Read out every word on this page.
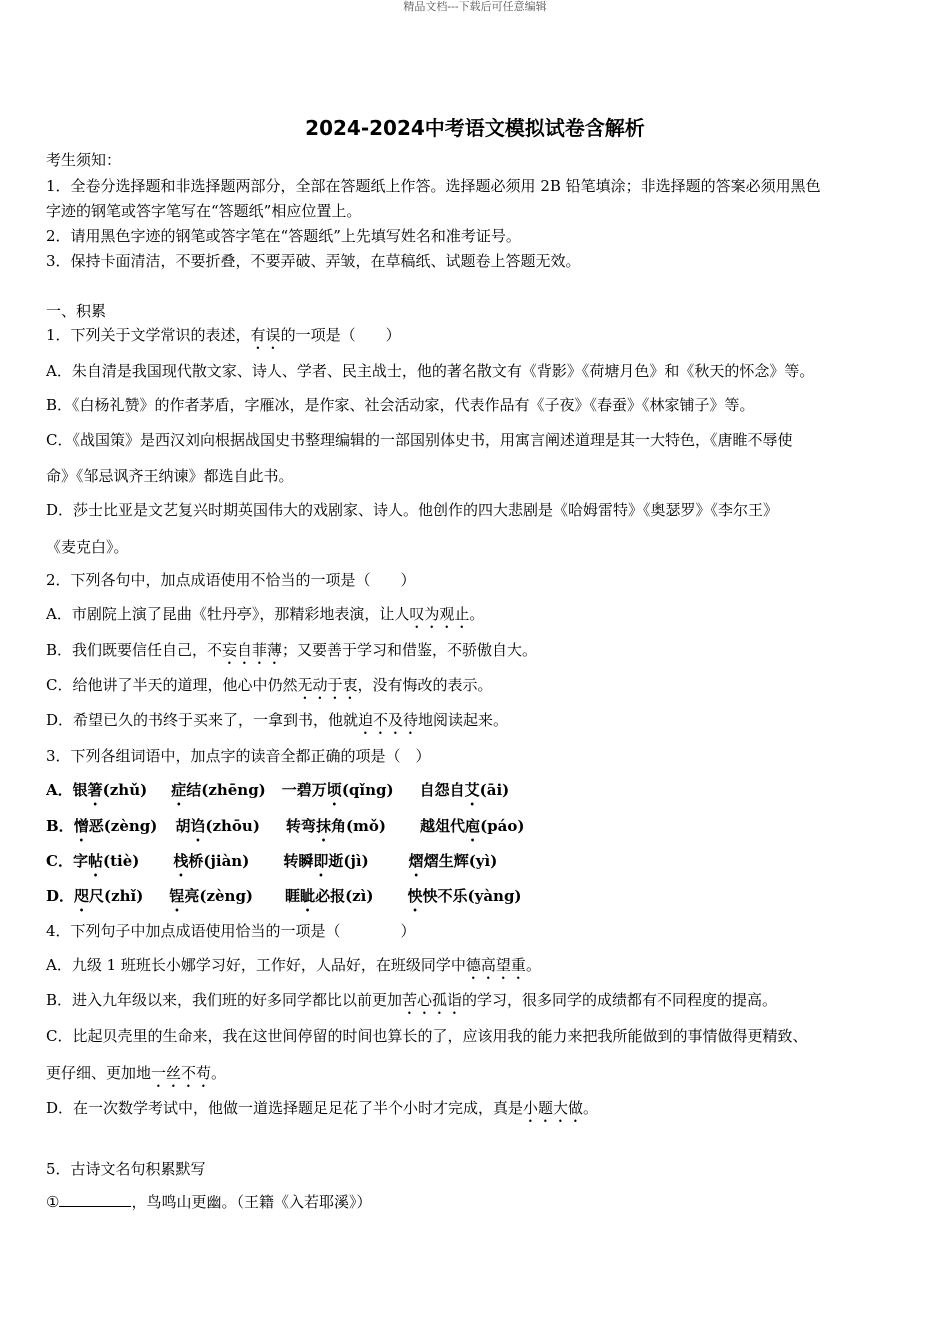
精品文档---下载后可任意编辑
2024-2024中考语文模拟试卷含解析
考生须知：
1．全卷分选择题和非选择题两部分，全部在答题纸上作答。选择题必须用 2B 铅笔填涂；非选择题的答案必须用黑色
字迹的钢笔或答字笔写在“答题纸”相应位置上。
2．请用黑色字迹的钢笔或答字笔在“答题纸”上先填写姓名和准考证号。
3．保持卡面清洁，不要折叠，不要弄破、弄皱，在草稿纸、试题卷上答题无效。
一、积累
1．下列关于文学常识的表述，有误的一项是（　　）
A．朱自清是我国现代散文家、诗人、学者、民主战士，他的著名散文有《背影》《荷塘月色》和《秋天的怀念》等。
B．《白杨礼赞》的作者茅盾，字雁冰，是作家、社会活动家，代表作品有《子夜》《春蚕》《林家铺子》等。
C．《战国策》是西汉刘向根据战国史书整理编辑的一部国别体史书，用寓言阐述道理是其一大特色，《唐睢不辱使
命》《邹忌讽齐王纳谏》都选自此书。
D．莎士比亚是文艺复兴时期英国伟大的戏剧家、诗人。他创作的四大悲剧是《哈姆雷特》《奥瑟罗》《李尔王》
《麦克白》。
2．下列各句中，加点成语使用不恰当的一项是（　　）
A．市剧院上演了昆曲《牡丹亭》，那精彩地表演，让人叹为观止。
B．我们既要信任自己，不妄自菲薄；又要善于学习和借鉴，不骄傲自大。
C．给他讲了半天的道理，他心中仍然无动于衷，没有悔改的表示。
D．希望已久的书终于买来了，一拿到书，他就迫不及待地阅读起来。
3．下列各组词语中，加点字的读音全都正确的项是（　）
A．银箸(zhǔ) 症结(zhēng) 一碧万顷(qǐng) 自怨自艾(āi)
B．憎恶(zèng) 胡诌(zhōu) 转弯抹角(mǒ) 越俎代庖(páo)
C．字帖(tiè) 栈桥(jiàn) 转瞬即逝(jì)	熠熠生辉(yì)
D．咫尺(zhǐ) 锃亮(zèng) 睚眦必报(zì) 怏怏不乐(yàng)
4．下列句子中加点成语使用恰当的一项是（　　　　）
A．九级 1 班班长小娜学习好，工作好，人品好，在班级同学中德高望重。
B．进入九年级以来，我们班的好多同学都比以前更加苦心孤诣的学习，很多同学的成绩都有不同程度的提高。
C．比起贝壳里的生命来，我在这世间停留的时间也算长的了，应该用我的能力来把我所能做到的事情做得更精致、
更仔细、更加地一丝不苟。
D．在一次数学考试中，他做一道选择题足足花了半个小时才完成，真是小题大做。
5．古诗文名句积累默写
①	，鸟鸣山更幽。（王籍《入若耶溪》）
